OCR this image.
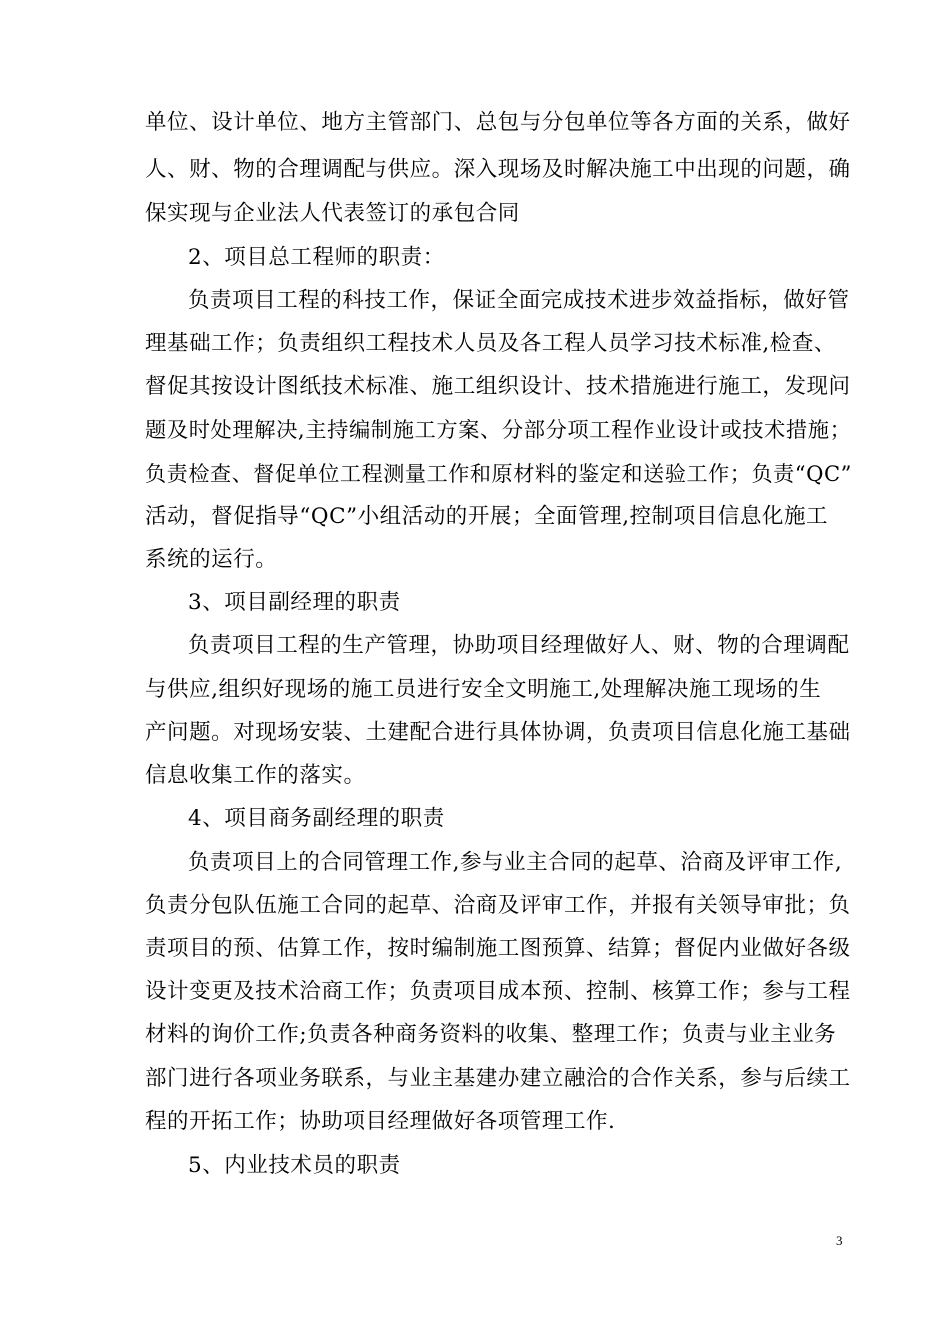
单位、设计单位、地方主管部门、总包与分包单位等各方面的关系，做好
人、财、物的合理调配与供应。深入现场及时解决施工中出现的问题，确
保实现与企业法人代表签订的承包合同
2、项目总工程师的职责：
负责项目工程的科技工作，保证全面完成技术进步效益指标，做好管
理基础工作；负责组织工程技术人员及各工程人员学习技术标准,检查、
督促其按设计图纸技术标准、施工组织设计、技术措施进行施工，发现问
题及时处理解决,主持编制施工方案、分部分项工程作业设计或技术措施；
负责检查、督促单位工程测量工作和原材料的鉴定和送验工作；负责“QC”
活动，督促指导“QC”小组活动的开展；全面管理,控制项目信息化施工
系统的运行。
3、项目副经理的职责
负责项目工程的生产管理，协助项目经理做好人、财、物的合理调配
与供应,组织好现场的施工员进行安全文明施工,处理解决施工现场的生
产问题。对现场安装、土建配合进行具体协调，负责项目信息化施工基础
信息收集工作的落实。
4、项目商务副经理的职责
负责项目上的合同管理工作,参与业主合同的起草、洽商及评审工作,
负责分包队伍施工合同的起草、洽商及评审工作，并报有关领导审批；负
责项目的预、估算工作，按时编制施工图预算、结算；督促内业做好各级
设计变更及技术洽商工作；负责项目成本预、控制、核算工作；参与工程
材料的询价工作;负责各种商务资料的收集、整理工作；负责与业主业务
部门进行各项业务联系，与业主基建办建立融洽的合作关系，参与后续工
程的开拓工作；协助项目经理做好各项管理工作.
5、内业技术员的职责
3
